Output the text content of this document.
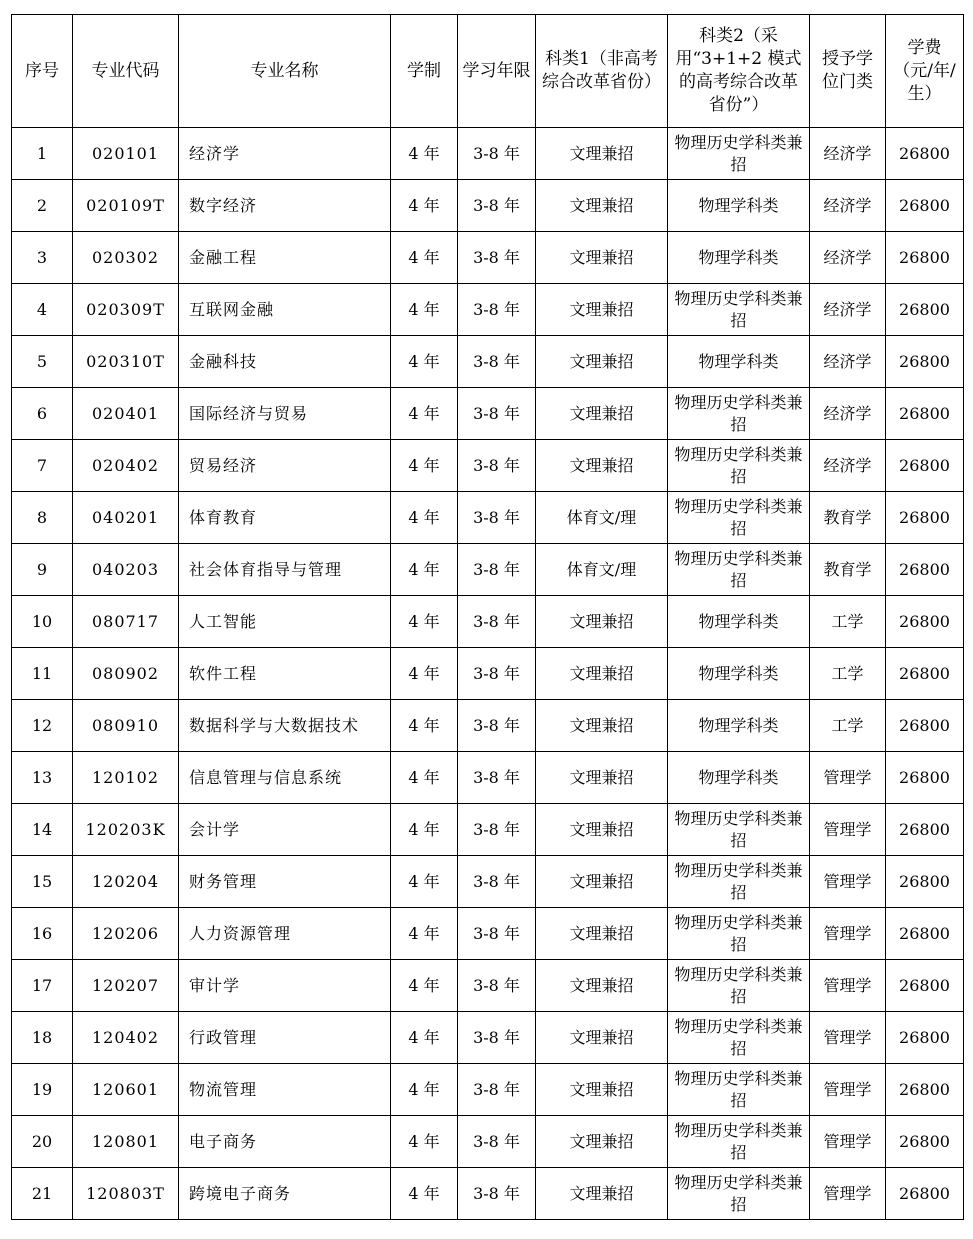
序号	专业代码	专业名称	学制	学习年限	科类1（非高考综合改革省份）	科类2（采用“3+1+2 模式的高考综合改革省份”）	授予学位门类	学费（元/年/生）
1	020101	经济学	4 年	3-8 年	文理兼招	物理历史学科类兼招	经济学	26800
2	020109T	数字经济	4 年	3-8 年	文理兼招	物理学科类	经济学	26800
3	020302	金融工程	4 年	3-8 年	文理兼招	物理学科类	经济学	26800
4	020309T	互联网金融	4 年	3-8 年	文理兼招	物理历史学科类兼招	经济学	26800
5	020310T	金融科技	4 年	3-8 年	文理兼招	物理学科类	经济学	26800
6	020401	国际经济与贸易	4 年	3-8 年	文理兼招	物理历史学科类兼招	经济学	26800
7	020402	贸易经济	4 年	3-8 年	文理兼招	物理历史学科类兼招	经济学	26800
8	040201	体育教育	4 年	3-8 年	体育文/理	物理历史学科类兼招	教育学	26800
9	040203	社会体育指导与管理	4 年	3-8 年	体育文/理	物理历史学科类兼招	教育学	26800
10	080717	人工智能	4 年	3-8 年	文理兼招	物理学科类	工学	26800
11	080902	软件工程	4 年	3-8 年	文理兼招	物理学科类	工学	26800
12	080910	数据科学与大数据技术	4 年	3-8 年	文理兼招	物理学科类	工学	26800
13	120102	信息管理与信息系统	4 年	3-8 年	文理兼招	物理学科类	管理学	26800
14	120203K	会计学	4 年	3-8 年	文理兼招	物理历史学科类兼招	管理学	26800
15	120204	财务管理	4 年	3-8 年	文理兼招	物理历史学科类兼招	管理学	26800
16	120206	人力资源管理	4 年	3-8 年	文理兼招	物理历史学科类兼招	管理学	26800
17	120207	审计学	4 年	3-8 年	文理兼招	物理历史学科类兼招	管理学	26800
18	120402	行政管理	4 年	3-8 年	文理兼招	物理历史学科类兼招	管理学	26800
19	120601	物流管理	4 年	3-8 年	文理兼招	物理历史学科类兼招	管理学	26800
20	120801	电子商务	4 年	3-8 年	文理兼招	物理历史学科类兼招	管理学	26800
21	120803T	跨境电子商务	4 年	3-8 年	文理兼招	物理历史学科类兼招	管理学	26800
